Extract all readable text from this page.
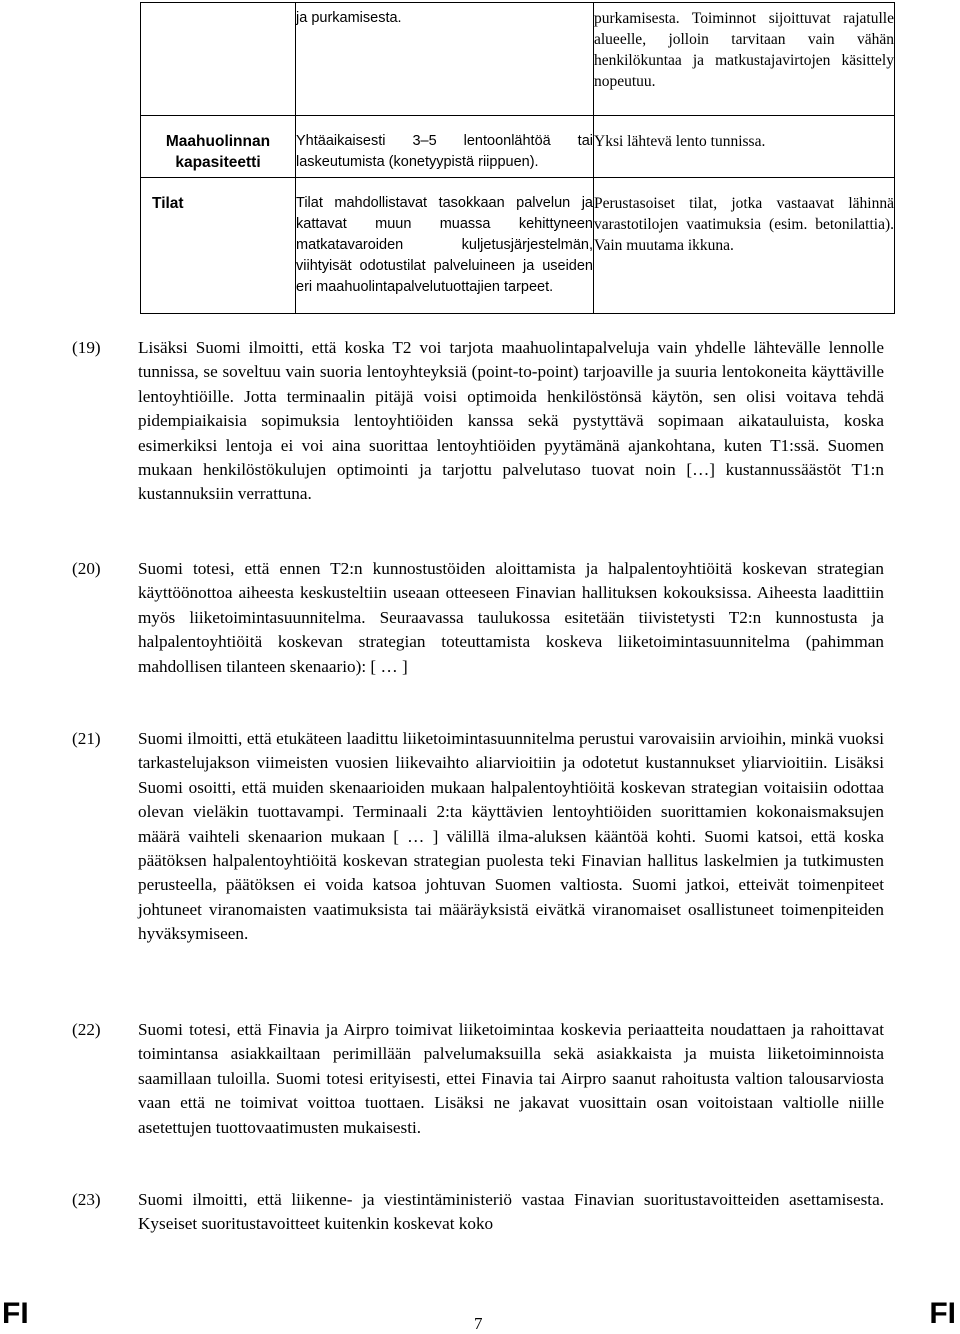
	ja purkamisesta.	purkamisesta. Toiminnot sijoittuvat rajatulle alueelle, jolloin tarvitaan vain vähän henkilökuntaa ja matkustajavirtojen käsittely nopeutuu.
Maahuolinnan kapasiteetti	Yhtäaikaisesti 3–5 lentoonlähtöä tai laskeutumista (konetyypistä riippuen).	Yksi lähtevä lento tunnissa.
Tilat	Tilat mahdollistavat tasokkaan palvelun ja kattavat muun muassa kehittyneen matkatavaroiden kuljetusjärjestelmän, viihtyisät odotustilat palveluineen ja useiden eri maahuolintapalvelutuottajien tarpeet.	Perustasoiset tilat, jotka vastaavat lähinnä varastotilojen vaatimuksia (esim. betonilattia). Vain muutama ikkuna.
(19) Lisäksi Suomi ilmoitti, että koska T2 voi tarjota maahuolintapalveluja vain yhdelle lähtevälle lennolle tunnissa, se soveltuu vain suoria lentoyhteyksiä (point-to-point) tarjoaville ja suuria lentokoneita käyttäville lentoyhtiöille. Jotta terminaalin pitäjä voisi optimoida henkilöstönsä käytön, sen olisi voitava tehdä pidempiaikaisia sopimuksia lentoyhtiöiden kanssa sekä pystyttävä sopimaan aikatauluista, koska esimerkiksi lentoja ei voi aina suorittaa lentoyhtiöiden pyytämänä ajankohtana, kuten T1:ssä. Suomen mukaan henkilöstökulujen optimointi ja tarjottu palvelutaso tuovat noin […] kustannussäästöt T1:n kustannuksiin verrattuna.
(20) Suomi totesi, että ennen T2:n kunnostustöiden aloittamista ja halpalentoyhtiöitä koskevan strategian käyttöönottoa aiheesta keskusteltiin useaan otteeseen Finavian hallituksen kokouksissa. Aiheesta laadittiin myös liiketoimintasuunnitelma. Seuraavassa taulukossa esitetään tiivistetysti T2:n kunnostusta ja halpalentoyhtiöitä koskevan strategian toteuttamista koskeva liiketoimintasuunnitelma (pahimman mahdollisen tilanteen skenaario): [ … ]
(21) Suomi ilmoitti, että etukäteen laadittu liiketoimintasuunnitelma perustui varovaisiin arvioihin, minkä vuoksi tarkastelujakson viimeisten vuosien liikevaihto aliarvioitiin ja odotetut kustannukset yliarvioitiin. Lisäksi Suomi osoitti, että muiden skenaarioiden mukaan halpalentoyhtiöitä koskevan strategian voitaisiin odottaa olevan vieläkin tuottavampi. Terminaali 2:ta käyttävien lentoyhtiöiden suorittamien kokonaismaksujen määrä vaihteli skenaarion mukaan [ … ] välillä ilma-aluksen kääntöä kohti. Suomi katsoi, että koska päätöksen halpalentoyhtiöitä koskevan strategian puolesta teki Finavian hallitus laskelmien ja tutkimusten perusteella, päätöksen ei voida katsoa johtuvan Suomen valtiosta. Suomi jatkoi, etteivät toimenpiteet johtuneet viranomaisten vaatimuksista tai määräyksistä eivätkä viranomaiset osallistuneet toimenpiteiden hyväksymiseen.
(22) Suomi totesi, että Finavia ja Airpro toimivat liiketoimintaa koskevia periaatteita noudattaen ja rahoittavat toimintansa asiakkailtaan perimillään palvelumaksuilla sekä asiakkaista ja muista liiketoiminnoista saamillaan tuloilla. Suomi totesi erityisesti, ettei Finavia tai Airpro saanut rahoitusta valtion talousarviosta vaan että ne toimivat voittoa tuottaen. Lisäksi ne jakavat vuosittain osan voitoistaan valtiolle niille asetettujen tuottovaatimusten mukaisesti.
(23) Suomi ilmoitti, että liikenne- ja viestintäministeriö vastaa Finavian suoritustavoitteiden asettamisesta. Kyseiset suoritustavoitteet kuitenkin koskevat koko
FI	7	FI
